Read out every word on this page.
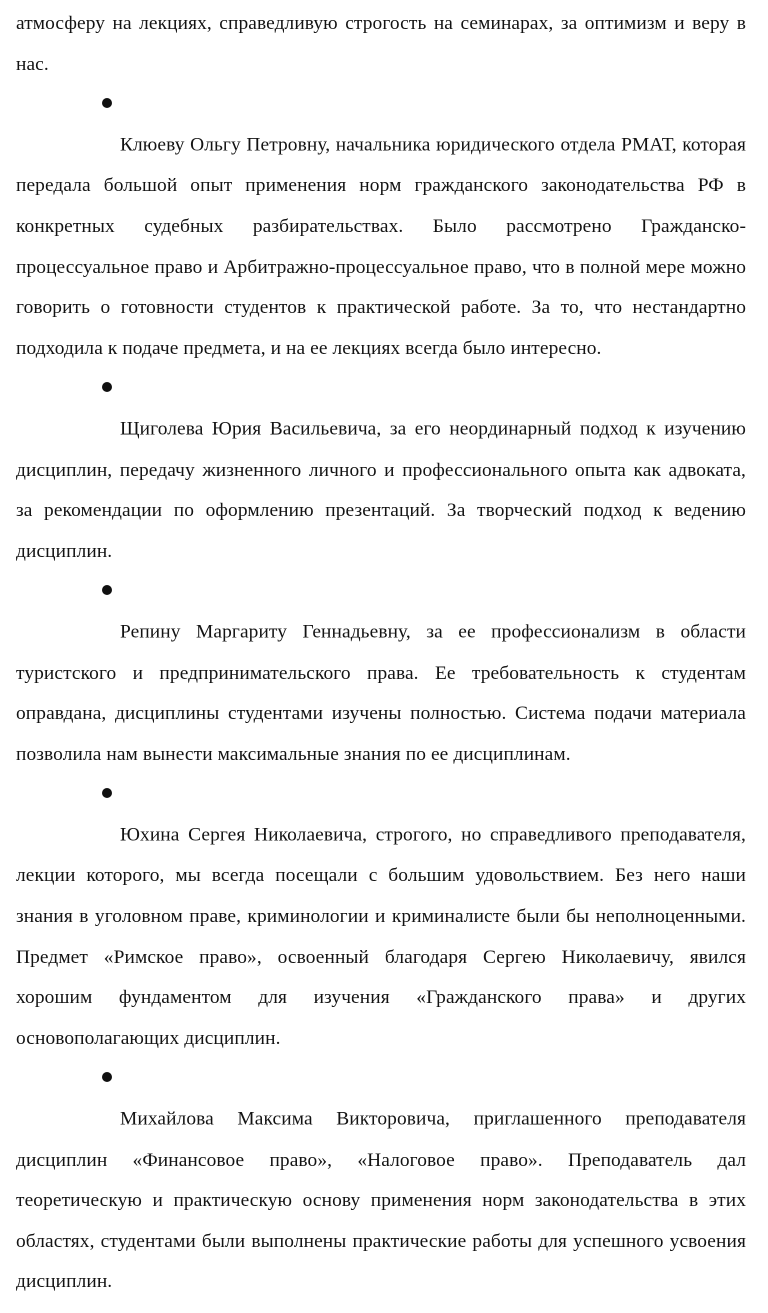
атмосферу на лекциях, справедливую строгость на семинарах, за оптимизм и веру в нас.

Клюеву Ольгу Петровну, начальника юридического отдела РМАТ, которая передала большой опыт применения норм гражданского законодательства РФ в конкретных судебных разбирательствах. Было рассмотрено Гражданско-процессуальное право и Арбитражно-процессуальное право, что в полной мере можно говорить о готовности студентов к практической работе. За то, что нестандартно подходила к подаче предмета, и на ее лекциях всегда было интересно.

Щиголева Юрия Васильевича, за его неординарный подход к изучению дисциплин, передачу жизненного личного и профессионального опыта как адвоката, за рекомендации по оформлению презентаций. За творческий подход к ведению дисциплин.

Репину Маргариту Геннадьевну, за ее профессионализм в области туристского и предпринимательского права. Ее требовательность к студентам оправдана, дисциплины студентами изучены полностью. Система подачи материала позволила нам вынести максимальные знания по ее дисциплинам.

Юхина Сергея Николаевича, строгого, но справедливого преподавателя, лекции которого, мы всегда посещали с большим удовольствием. Без него наши знания в уголовном праве, криминологии и криминалисте были бы неполноценными. Предмет «Римское право», освоенный благодаря Сергею Николаевичу, явился хорошим фундаментом для изучения «Гражданского права» и других основополагающих дисциплин.

Михайлова Максима Викторовича, приглашенного преподавателя дисциплин «Финансовое право», «Налоговое право». Преподаватель дал теоретическую и практическую основу применения норм законодательства в этих областях, студентами были выполнены практические работы для успешного усвоения дисциплин.
